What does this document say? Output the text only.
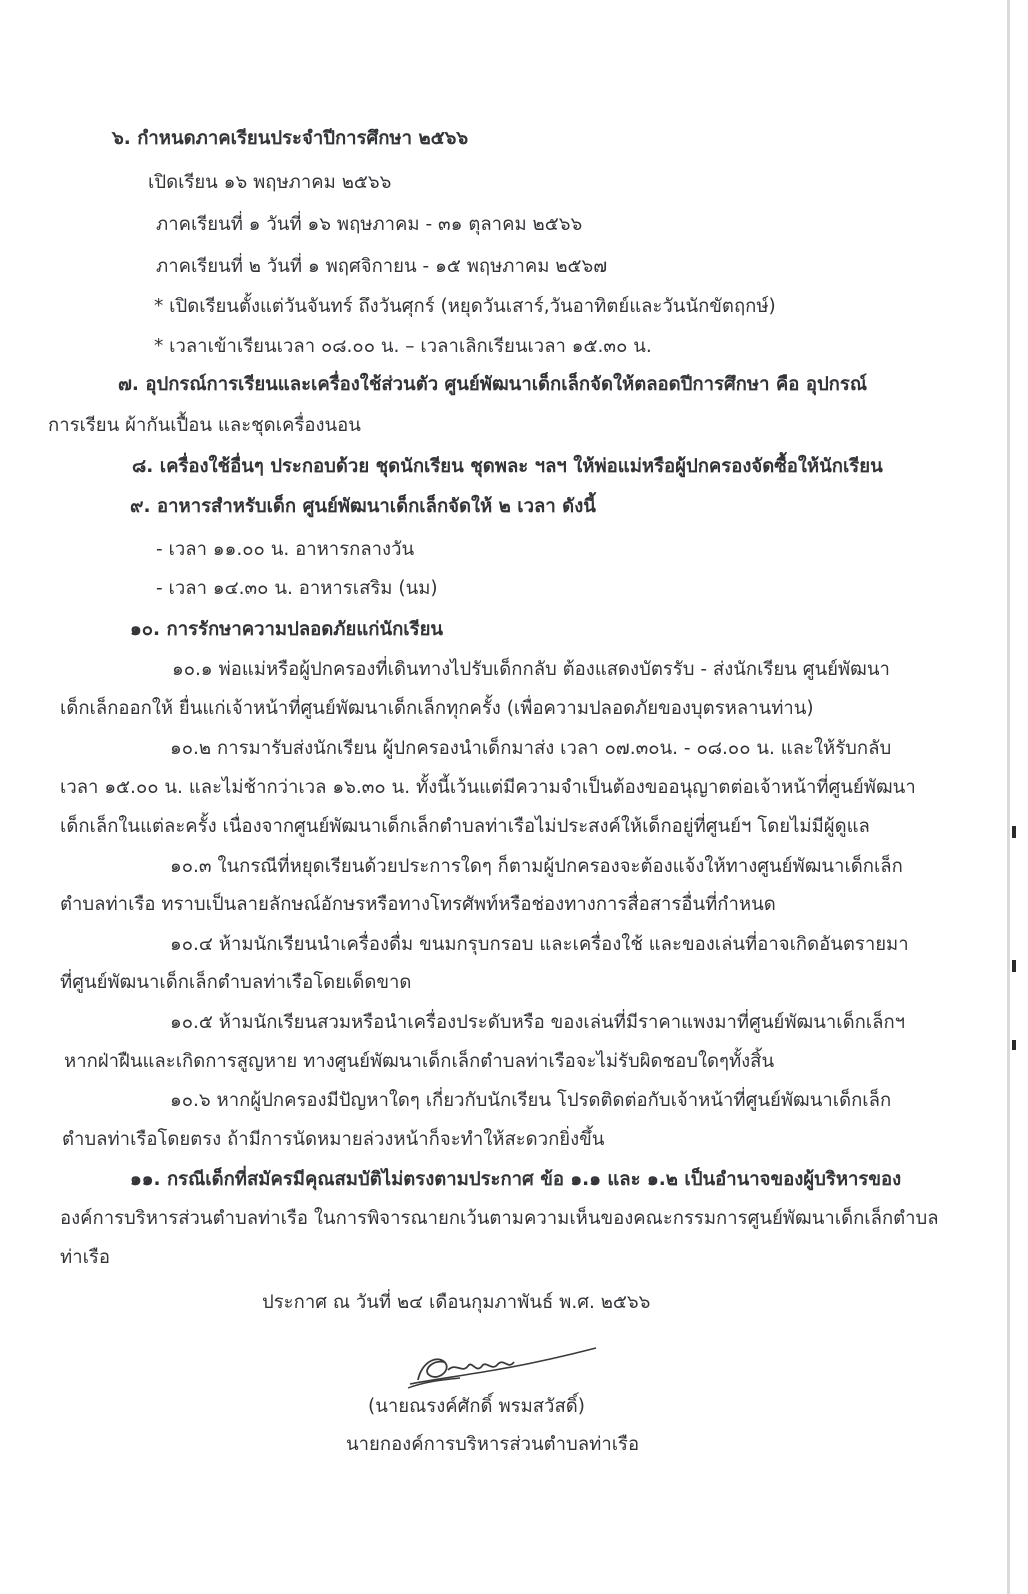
๖. กำหนดภาคเรียนประจำปีการศึกษา ๒๕๖๖

เปิดเรียน ๑๖ พฤษภาคม ๒๕๖๖

ภาคเรียนที่ ๑ วันที่ ๑๖ พฤษภาคม - ๓๑ ตุลาคม ๒๕๖๖

ภาคเรียนที่ ๒ วันที่ ๑ พฤศจิกายน - ๑๕ พฤษภาคม ๒๕๖๗

* เปิดเรียนตั้งแต่วันจันทร์ ถึงวันศุกร์ (หยุดวันเสาร์,วันอาทิตย์และวันนักขัตฤกษ์)

* เวลาเข้าเรียนเวลา ๐๘.๐๐ น. – เวลาเลิกเรียนเวลา ๑๕.๓๐ น.

๗. อุปกรณ์การเรียนและเครื่องใช้ส่วนตัว ศูนย์พัฒนาเด็กเล็กจัดให้ตลอดปีการศึกษา คือ อุปกรณ์

การเรียน ผ้ากันเปื้อน และชุดเครื่องนอน

๘. เครื่องใช้อื่นๆ ประกอบด้วย ชุดนักเรียน ชุดพละ ฯลฯ ให้พ่อแม่หรือผู้ปกครองจัดซื้อให้นักเรียน

๙. อาหารสำหรับเด็ก ศูนย์พัฒนาเด็กเล็กจัดให้ ๒ เวลา ดังนี้

- เวลา ๑๑.๐๐ น. อาหารกลางวัน

- เวลา ๑๔.๓๐ น. อาหารเสริม (นม)

๑๐. การรักษาความปลอดภัยแก่นักเรียน

๑๐.๑ พ่อแม่หรือผู้ปกครองที่เดินทางไปรับเด็กกลับ ต้องแสดงบัตรรับ - ส่งนักเรียน ศูนย์พัฒนา

เด็กเล็กออกให้ ยื่นแก่เจ้าหน้าที่ศูนย์พัฒนาเด็กเล็กทุกครั้ง (เพื่อความปลอดภัยของบุตรหลานท่าน)

๑๐.๒ การมารับส่งนักเรียน ผู้ปกครองนำเด็กมาส่ง เวลา ๐๗.๓๐น. - ๐๘.๐๐ น. และให้รับกลับ

เวลา ๑๕.๐๐ น. และไม่ช้ากว่าเวล ๑๖.๓๐ น. ทั้งนี้เว้นแต่มีความจำเป็นต้องขออนุญาตต่อเจ้าหน้าที่ศูนย์พัฒนา

เด็กเล็กในแต่ละครั้ง เนื่องจากศูนย์พัฒนาเด็กเล็กตำบลท่าเรือไม่ประสงค์ให้เด็กอยู่ที่ศูนย์ฯ โดยไม่มีผู้ดูแล

๑๐.๓ ในกรณีที่หยุดเรียนด้วยประการใดๆ ก็ตามผู้ปกครองจะต้องแจ้งให้ทางศูนย์พัฒนาเด็กเล็ก

ตำบลท่าเรือ ทราบเป็นลายลักษณ์อักษรหรือทางโทรศัพท์หรือช่องทางการสื่อสารอื่นที่กำหนด

๑๐.๔ ห้ามนักเรียนนำเครื่องดื่ม ขนมกรุบกรอบ และเครื่องใช้ และของเล่นที่อาจเกิดอันตรายมา

ที่ศูนย์พัฒนาเด็กเล็กตำบลท่าเรือโดยเด็ดขาด

๑๐.๕ ห้ามนักเรียนสวมหรือนำเครื่องประดับหรือ ของเล่นที่มีราคาแพงมาที่ศูนย์พัฒนาเด็กเล็กฯ

หากฝ่าฝืนและเกิดการสูญหาย ทางศูนย์พัฒนาเด็กเล็กตำบลท่าเรือจะไม่รับผิดชอบใดๆทั้งสิ้น

๑๐.๖ หากผู้ปกครองมีปัญหาใดๆ เกี่ยวกับนักเรียน โปรดติดต่อกับเจ้าหน้าที่ศูนย์พัฒนาเด็กเล็ก

ตำบลท่าเรือโดยตรง ถ้ามีการนัดหมายล่วงหน้าก็จะทำให้สะดวกยิ่งขึ้น

๑๑. กรณีเด็กที่สมัครมีคุณสมบัติไม่ตรงตามประกาศ ข้อ ๑.๑ และ ๑.๒ เป็นอำนาจของผู้บริหารของ

องค์การบริหารส่วนตำบลท่าเรือ ในการพิจารณายกเว้นตามความเห็นของคณะกรรมการศูนย์พัฒนาเด็กเล็กตำบล

ท่าเรือ

ประกาศ ณ วันที่ ๒๔ เดือนกุมภาพันธ์ พ.ศ. ๒๕๖๖

(นายณรงค์ศักดิ์ พรมสวัสดิ์)

นายกองค์การบริหารส่วนตำบลท่าเรือ
